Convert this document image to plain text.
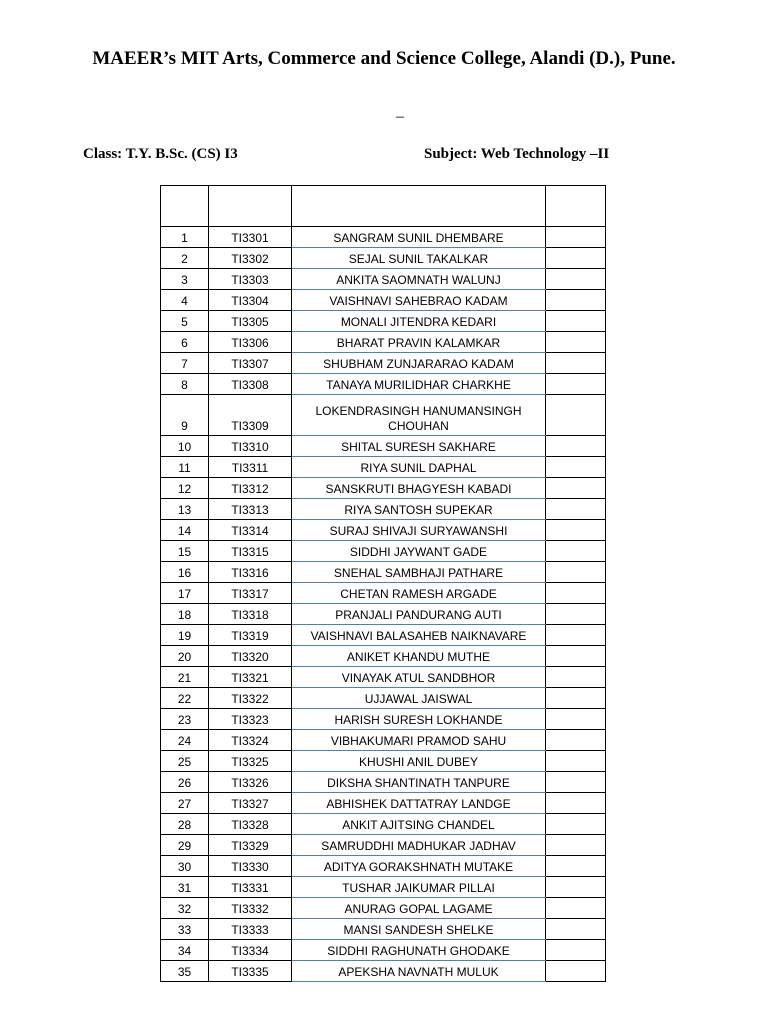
MAEER’s MIT Arts, Commerce and Science College, Alandi (D.), Pune.
–
Class: T.Y. B.Sc. (CS) I3	Subject: Web Technology –II

1	TI3301	SANGRAM SUNIL DHEMBARE	
2	TI3302	SEJAL SUNIL TAKALKAR	
3	TI3303	ANKITA SAOMNATH WALUNJ	
4	TI3304	VAISHNAVI SAHEBRAO KADAM	
5	TI3305	MONALI JITENDRA KEDARI	
6	TI3306	BHARAT PRAVIN KALAMKAR	
7	TI3307	SHUBHAM ZUNJARARAO KADAM	
8	TI3308	TANAYA MURILIDHAR CHARKHE	
9	TI3309	LOKENDRASINGH HANUMANSINGH CHOUHAN	
10	TI3310	SHITAL SURESH SAKHARE	
11	TI3311	RIYA SUNIL DAPHAL	
12	TI3312	SANSKRUTI BHAGYESH KABADI	
13	TI3313	RIYA SANTOSH SUPEKAR	
14	TI3314	SURAJ SHIVAJI SURYAWANSHI	
15	TI3315	SIDDHI JAYWANT GADE	
16	TI3316	SNEHAL SAMBHAJI PATHARE	
17	TI3317	CHETAN RAMESH ARGADE	
18	TI3318	PRANJALI PANDURANG AUTI	
19	TI3319	VAISHNAVI BALASAHEB NAIKNAVARE	
20	TI3320	ANIKET KHANDU MUTHE	
21	TI3321	VINAYAK ATUL SANDBHOR	
22	TI3322	UJJAWAL JAISWAL	
23	TI3323	HARISH SURESH LOKHANDE	
24	TI3324	VIBHAKUMARI PRAMOD SAHU	
25	TI3325	KHUSHI ANIL DUBEY	
26	TI3326	DIKSHA SHANTINATH TANPURE	
27	TI3327	ABHISHEK DATTATRAY LANDGE	
28	TI3328	ANKIT AJITSING CHANDEL	
29	TI3329	SAMRUDDHI MADHUKAR JADHAV	
30	TI3330	ADITYA GORAKSHNATH MUTAKE	
31	TI3331	TUSHAR JAIKUMAR PILLAI	
32	TI3332	ANURAG GOPAL LAGAME	
33	TI3333	MANSI SANDESH SHELKE	
34	TI3334	SIDDHI RAGHUNATH GHODAKE	
35	TI3335	APEKSHA NAVNATH MULUK	
